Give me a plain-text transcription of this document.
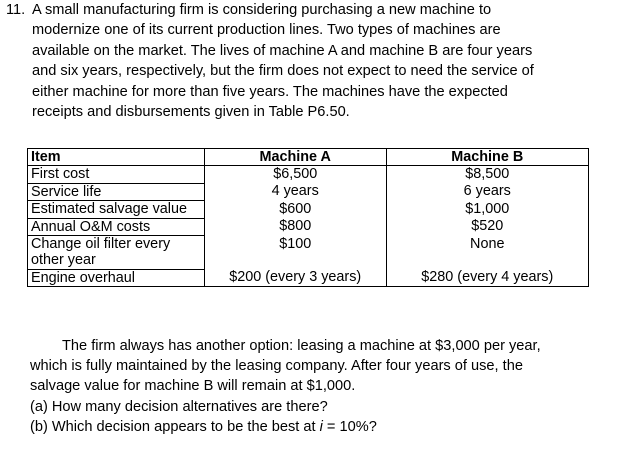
11. A small manufacturing firm is considering purchasing a new machine to
modernize one of its current production lines. Two types of machines are
available on the market. The lives of machine A and machine B are four years
and six years, respectively, but the firm does not expect to need the service of
either machine for more than five years. The machines have the expected
receipts and disbursements given in Table P6.50.
Item	Machine A	Machine B
First cost	$6,500	$8,500
Service life	4 years	6 years
Estimated salvage value	$600	$1,000
Annual O&M costs	$800	$520
Change oil filter every
other year	$100	None
Engine overhaul	$200 (every 3 years)	$280 (every 4 years)
The firm always has another option: leasing a machine at $3,000 per year,
which is fully maintained by the leasing company. After four years of use, the
salvage value for machine B will remain at $1,000.
(a) How many decision alternatives are there?
(b) Which decision appears to be the best at i = 10%?
